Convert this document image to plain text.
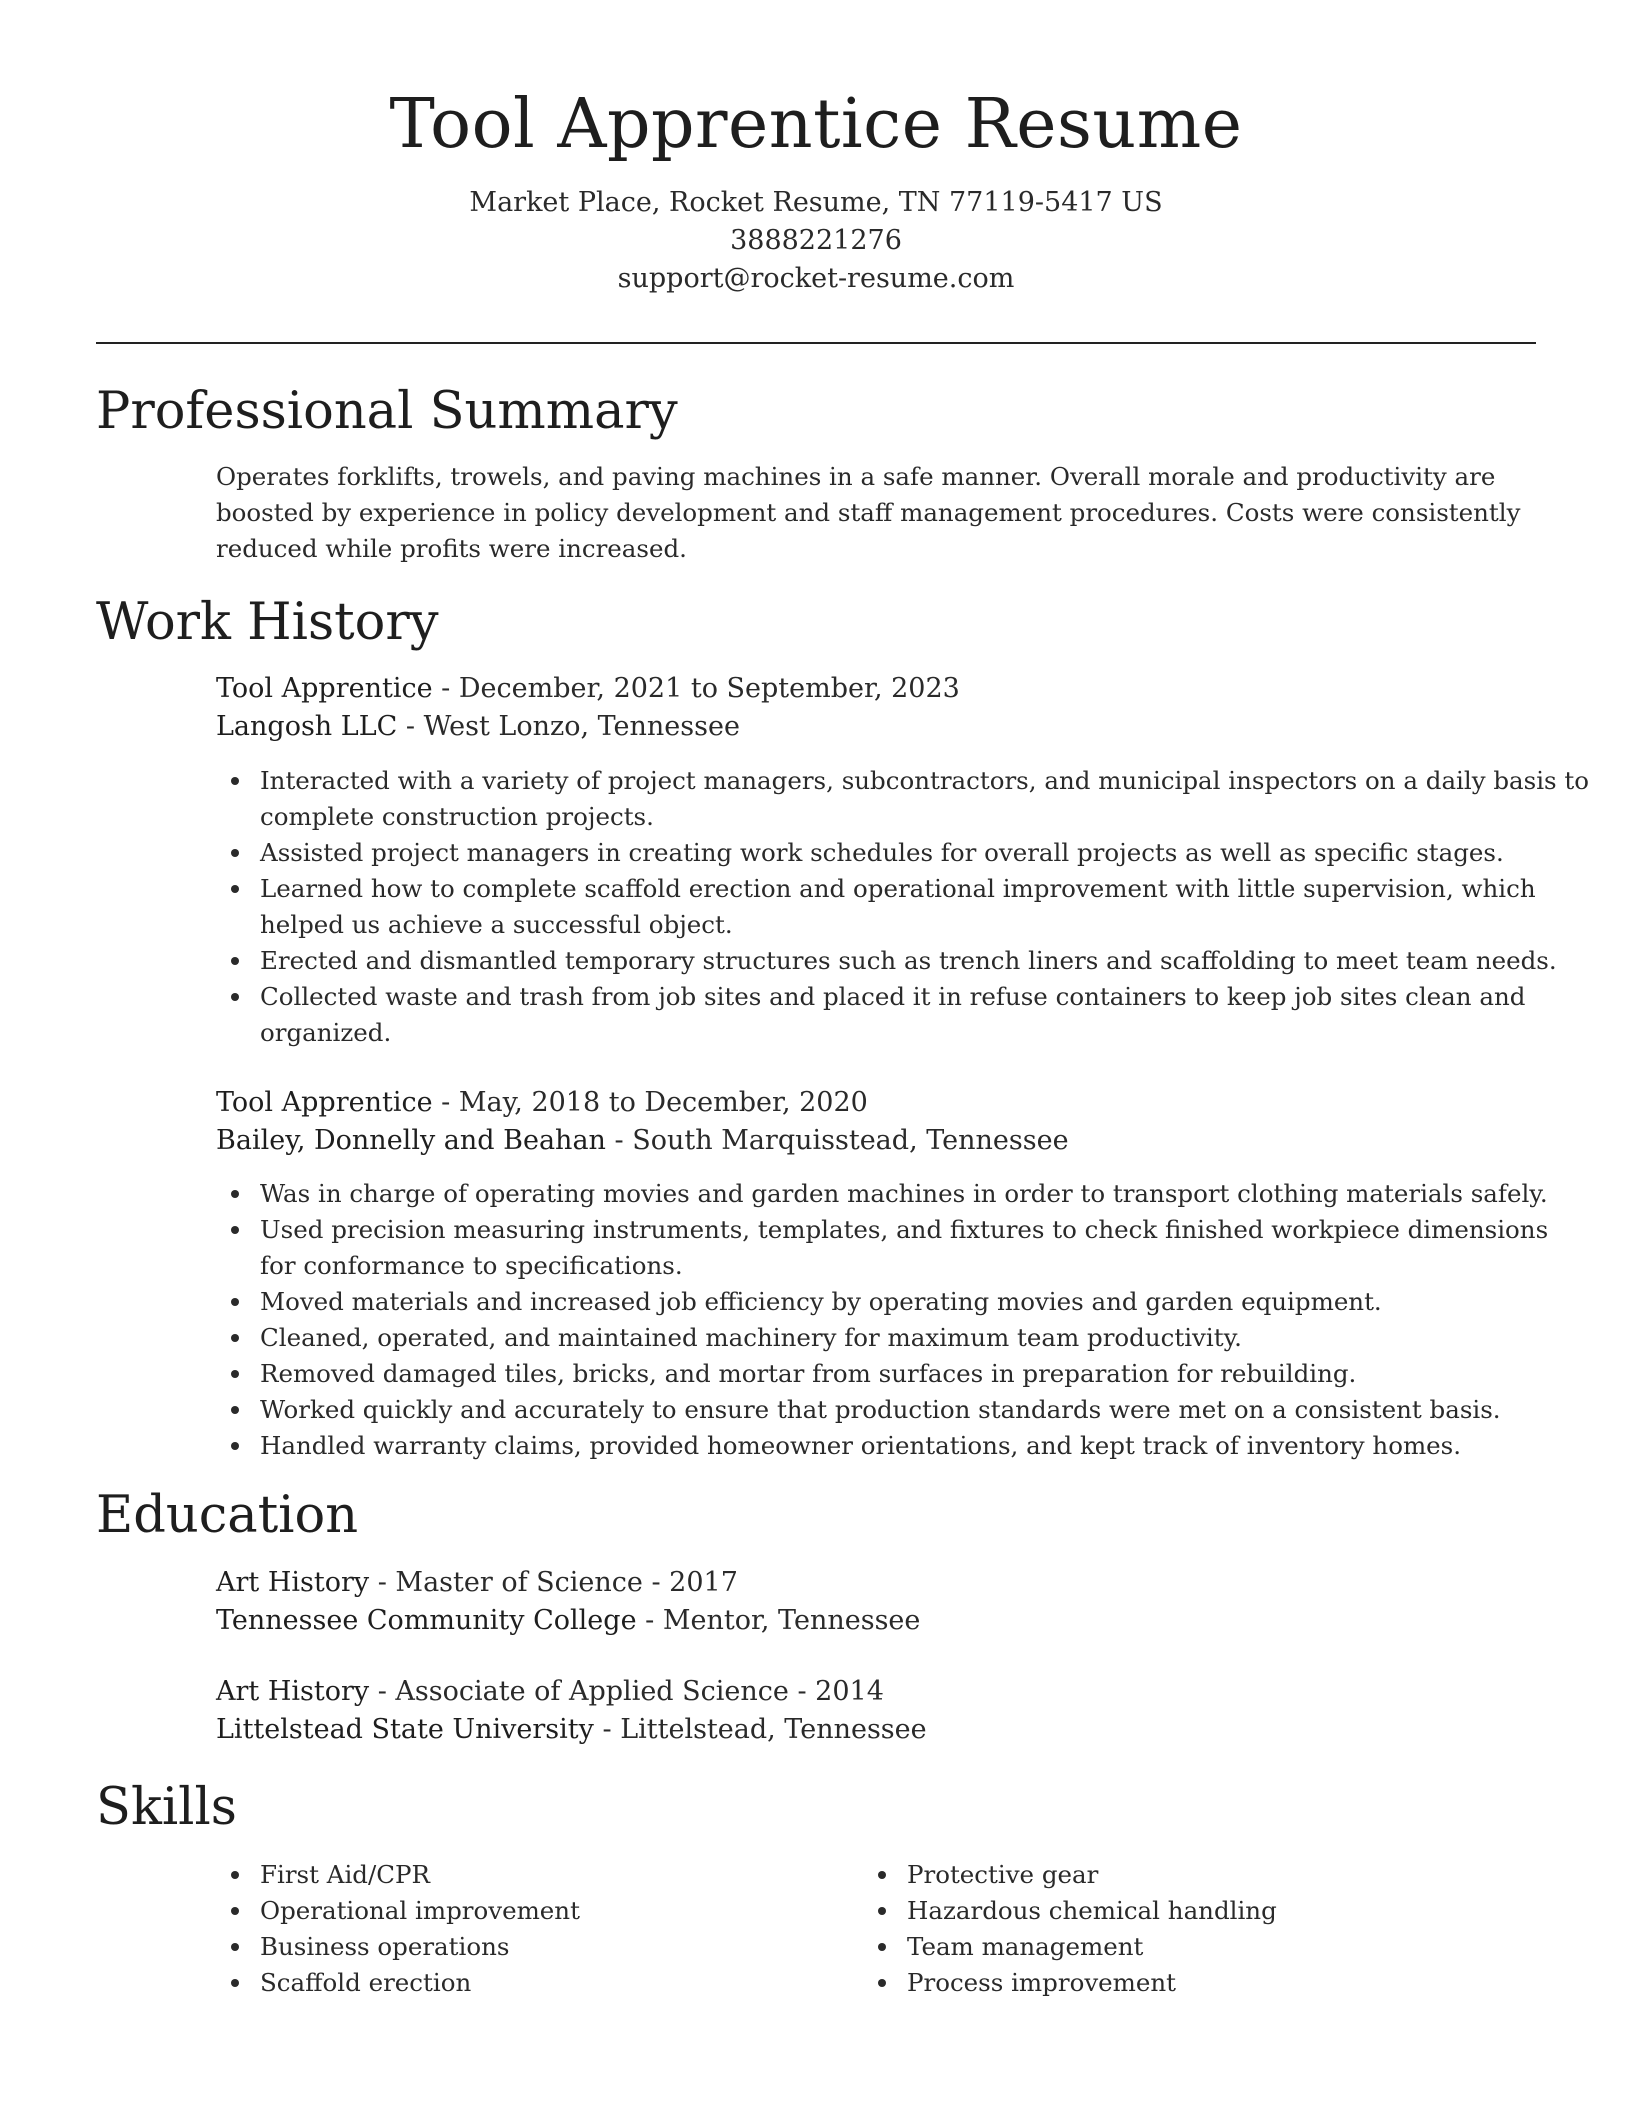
Tool Apprentice Resume
Market Place, Rocket Resume, TN 77119-5417 US
3888221276
support@rocket-resume.com
Professional Summary

Operates forklifts, trowels, and paving machines in a safe manner. Overall morale and productivity are boosted by experience in policy development and staff management procedures. Costs were consistently reduced while profits were increased.

Work History
Tool Apprentice - December, 2021 to September, 2023
Langosh LLC - West Lonzo, Tennessee
Interacted with a variety of project managers, subcontractors, and municipal inspectors on a daily basis to complete construction projects.
Assisted project managers in creating work schedules for overall projects as well as specific stages.
Learned how to complete scaffold erection and operational improvement with little supervision, which helped us achieve a successful object.
Erected and dismantled temporary structures such as trench liners and scaffolding to meet team needs.
Collected waste and trash from job sites and placed it in refuse containers to keep job sites clean and organized.
Tool Apprentice - May, 2018 to December, 2020
Bailey, Donnelly and Beahan - South Marquisstead, Tennessee
Was in charge of operating movies and garden machines in order to transport clothing materials safely.
Used precision measuring instruments, templates, and fixtures to check finished workpiece dimensions for conformance to specifications.
Moved materials and increased job efficiency by operating movies and garden equipment.
Cleaned, operated, and maintained machinery for maximum team productivity.
Removed damaged tiles, bricks, and mortar from surfaces in preparation for rebuilding.
Worked quickly and accurately to ensure that production standards were met on a consistent basis.
Handled warranty claims, provided homeowner orientations, and kept track of inventory homes.
Education
Art History - Master of Science - 2017
Tennessee Community College - Mentor, Tennessee
Art History - Associate of Applied Science - 2014
Littelstead State University - Littelstead, Tennessee
Skills
First Aid/CPR
Operational improvement
Business operations
Scaffold erection
Protective gear
Hazardous chemical handling
Team management
Process improvement
